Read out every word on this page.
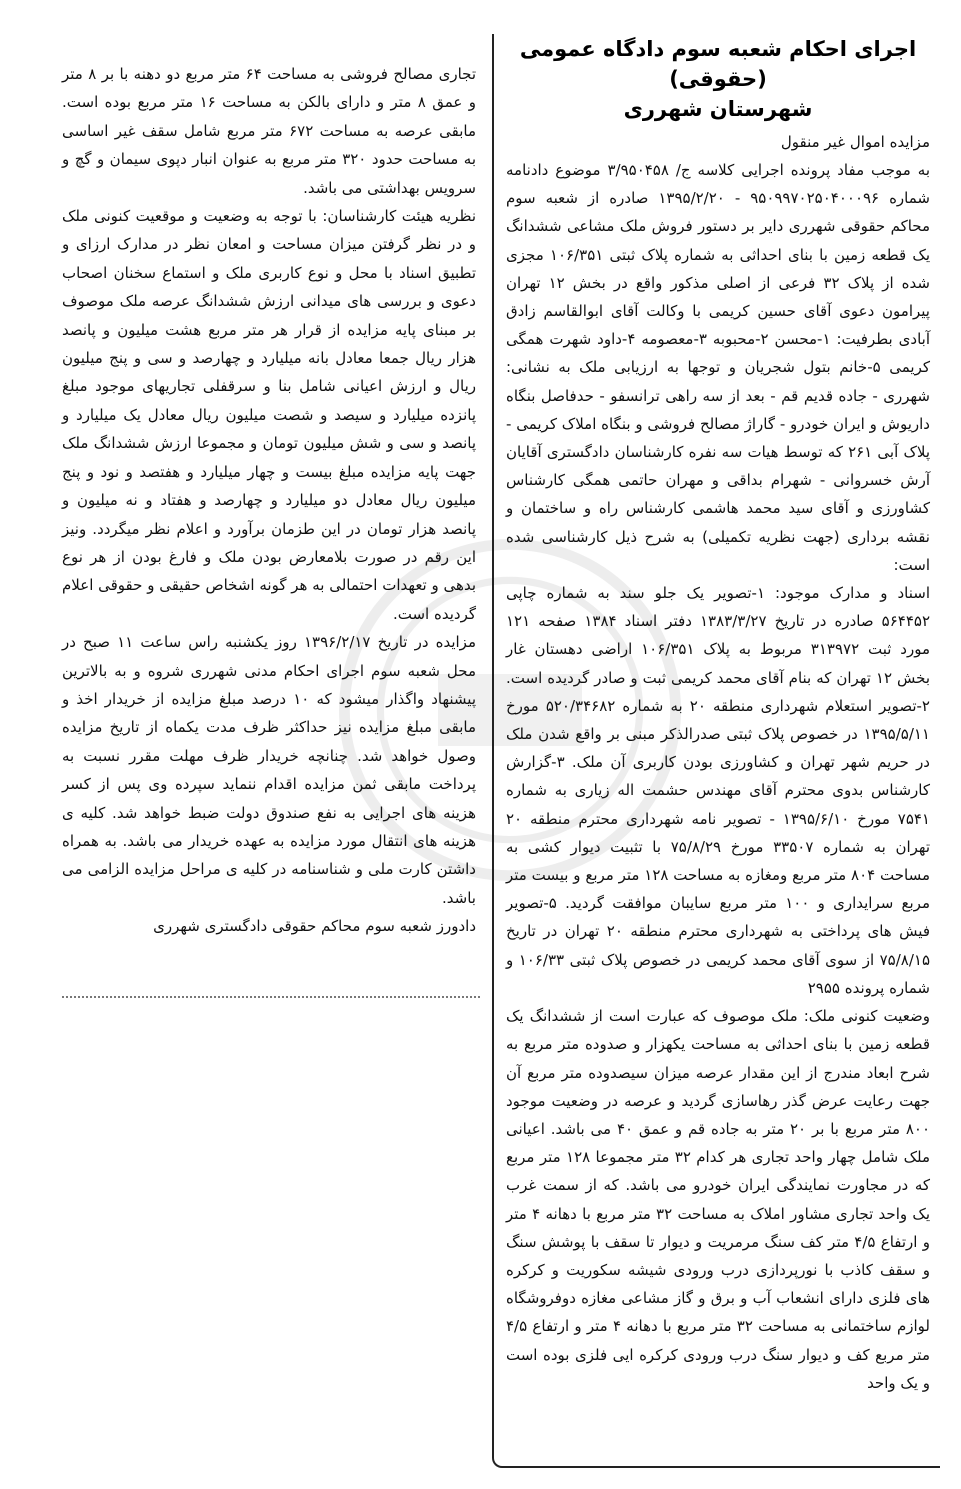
اجرای احکام شعبه سوم دادگاه عمومی (حقوقی)
شهرستان شهرری
مزایده اموال غیر منقول

به موجب مفاد پرونده اجرایی کلاسه ج/ ۳/۹۵۰۴۵۸ موضوع دادنامه شماره ۹۵۰۹۹۷۰۲۵۰۴۰۰۰۹۶ - ۱۳۹۵/۲/۲۰ صادره از شعبه سوم محاکم حقوقی شهرری دایر بر دستور فروش ملک مشاعی ششدانگ یک قطعه زمین با بنای احداثی به شماره پلاک ثبتی ۱۰۶/۳۵۱ مجزی شده از پلاک ۳۲ فرعی از اصلی مذکور واقع در بخش ۱۲ تهران پیرامون دعوی آقای حسین کریمی با وکالت آقای ابوالقاسم زادق آبادی بطرفیت: ۱-محسن ۲-محبوبه ۳-معصومه ۴-داود شهرت همگی کریمی ۵-خانم بتول شجریان و توجها به ارزیابی ملک به نشانی: شهرری - جاده قدیم قم - بعد از سه راهی ترانسفو - حدفاصل بنگاه داریوش و ایران خودرو - گاراژ مصالح فروشی و بنگاه املاک کریمی - پلاک آبی ۲۶۱ که توسط هیات سه نفره کارشناسان دادگستری آقایان آرش خسروانی - شهرام بداقی و مهران حاتمی همگی کارشناس کشاورزی و آقای سید محمد هاشمی کارشناس راه و ساختمان و نقشه برداری (جهت نظریه تکمیلی) به شرح ذیل کارشناسی شده است:

اسناد و مدارک موجود: ۱-تصویر یک جلو سند به شماره چاپی ۵۶۴۴۵۲ صادره در تاریخ ۱۳۸۳/۳/۲۷ دفتر اسناد ۱۳۸۴ صفحه ۱۲۱ مورد ثبت ۳۱۳۹۷۲ مربوط به پلاک ۱۰۶/۳۵۱ اراضی دهستان غار بخش ۱۲ تهران که بنام آقای محمد کریمی ثبت و صادر گردیده است. ۲-تصویر استعلام شهرداری منطقه ۲۰ به شماره ۵۲۰/۳۴۶۸۲ مورخ ۱۳۹۵/۵/۱۱ در خصوص پلاک ثبتی صدرالذکر مبنی بر واقع شدن ملک در حریم شهر تهران و کشاورزی بودن کاربری آن ملک. ۳-گزارش کارشناس بدوی محترم آقای مهندس حشمت اله زیاری به شماره ۷۵۴۱ مورخ ۱۳۹۵/۶/۱۰ - تصویر نامه شهرداری محترم منطقه ۲۰ تهران به شماره ۳۳۵۰۷ مورخ ۷۵/۸/۲۹ با تثبیت دیوار کشی به مساحت ۸۰۴ متر مربع ومغازه به مساحت ۱۲۸ متر مربع و بیست متر مربع سرایداری و ۱۰۰ متر مربع سایبان موافقت گردید. ۵-تصویر فیش های پرداختی به شهرداری محترم منطقه ۲۰ تهران در تاریخ ۷۵/۸/۱۵ از سوی آقای محمد کریمی در خصوص پلاک ثبتی ۱۰۶/۳۳ و شماره پرونده ۲۹۵۵

وضعیت کنونی ملک: ملک موصوف که عبارت است از ششدانگ یک قطعه زمین با بنای احداثی به مساحت یکهزار و صدوده متر مربع به شرح ابعاد مندرج از این مقدار عرصه میزان سیصدوده متر مربع آن جهت رعایت عرض گذر رهاسازی گردید و عرصه در وضعیت موجود ۸۰۰ متر مربع با بر ۲۰ متر به جاده قم و عمق ۴۰ می باشد. اعیانی ملک شامل چهار واحد تجاری هر کدام ۳۲ متر مجموعا ۱۲۸ متر مربع که در مجاورت نمایندگی ایران خودرو می باشد. که از سمت غرب یک واحد تجاری مشاور املاک به مساحت ۳۲ متر مربع با دهانه ۴ متر و ارتفاع ۴/۵ متر کف سنگ مرمریت و دیوار تا سقف با پوشش سنگ و سقف کاذب با نورپردازی درب ورودی شیشه سکوریت و کرکره های فلزی دارای انشعاب آب و برق و گاز مشاعی مغازه دوفروشگاه لوازم ساختمانی به مساحت ۳۲ متر مربع با دهانه ۴ متر و ارتفاع ۴/۵ متر مربع کف و دیوار سنگ درب ورودی کرکره ایی فلزی بوده است و یک واحد

تجاری مصالح فروشی به مساحت ۶۴ متر مربع دو دهنه با بر ۸ متر و عمق ۸ متر و دارای بالکن به مساحت ۱۶ متر مربع بوده است. مابقی عرصه به مساحت ۶۷۲ متر مربع شامل سقف غیر اساسی به مساحت حدود ۳۲۰ متر مربع به عنوان انبار دپوی سیمان و گچ و سرویس بهداشتی می باشد.

نظریه هیئت کارشناسان: با توجه به وضعیت و موقعیت کنونی ملک و در نظر گرفتن میزان مساحت و امعان نظر در مدارک ارزای و تطبیق اسناد با محل و نوع کاربری ملک و استماع سخنان اصحاب دعوی و بررسی های میدانی ارزش ششدانگ عرصه ملک موصوف بر مبنای پایه مزایده از قرار هر متر مربع هشت میلیون و پانصد هزار ریال جمعا معادل بانه میلیارد و چهارصد و سی و پنج میلیون ریال و ارزش اعیانی شامل بنا و سرقفلی تجاریهای موجود مبلغ پانزده میلیارد و سیصد و شصت میلیون ریال معادل یک میلیارد و پانصد و سی و شش میلیون تومان و مجموعا ارزش ششدانگ ملک جهت پایه مزایده مبلغ بیست و چهار میلیارد و هفتصد و نود و پنج میلیون ریال معادل دو میلیارد و چهارصد و هفتاد و نه میلیون و پانصد هزار تومان در این طزمان برآورد و اعلام نظر میگردد. ونیز این رقم در صورت بلامعارض بودن ملک و فارغ بودن از هر نوع بدهی و تعهدات احتمالی به هر گونه اشخاص حقیقی و حقوقی اعلام گردیده است.

مزایده در تاریخ ۱۳۹۶/۲/۱۷ روز یکشنبه راس ساعت ۱۱ صبح در محل شعبه سوم اجرای احکام مدنی شهرری شروه و به بالاترین پیشنهاد واگذار میشود که ۱۰ درصد مبلغ مزایده از خریدار اخذ و مابقی مبلغ مزایده نیز حداکثر ظرف مدت یکماه از تاریخ مزایده وصول خواهد شد. چنانچه خریدار ظرف مهلت مقرر نسبت به پرداخت مابقی ثمن مزایده اقدام ننماید سپرده وی پس از کسر هزینه های اجرایی به نفع صندوق دولت ضبط خواهد شد. کلیه ی هزینه های انتقال مورد مزایده به عهده خریدار می باشد. به همراه داشتن کارت ملی و شناسنامه در کلیه ی مراحل مزایده الزامی می باشد.

دادورز شعبه سوم محاکم حقوقی دادگستری شهرری
